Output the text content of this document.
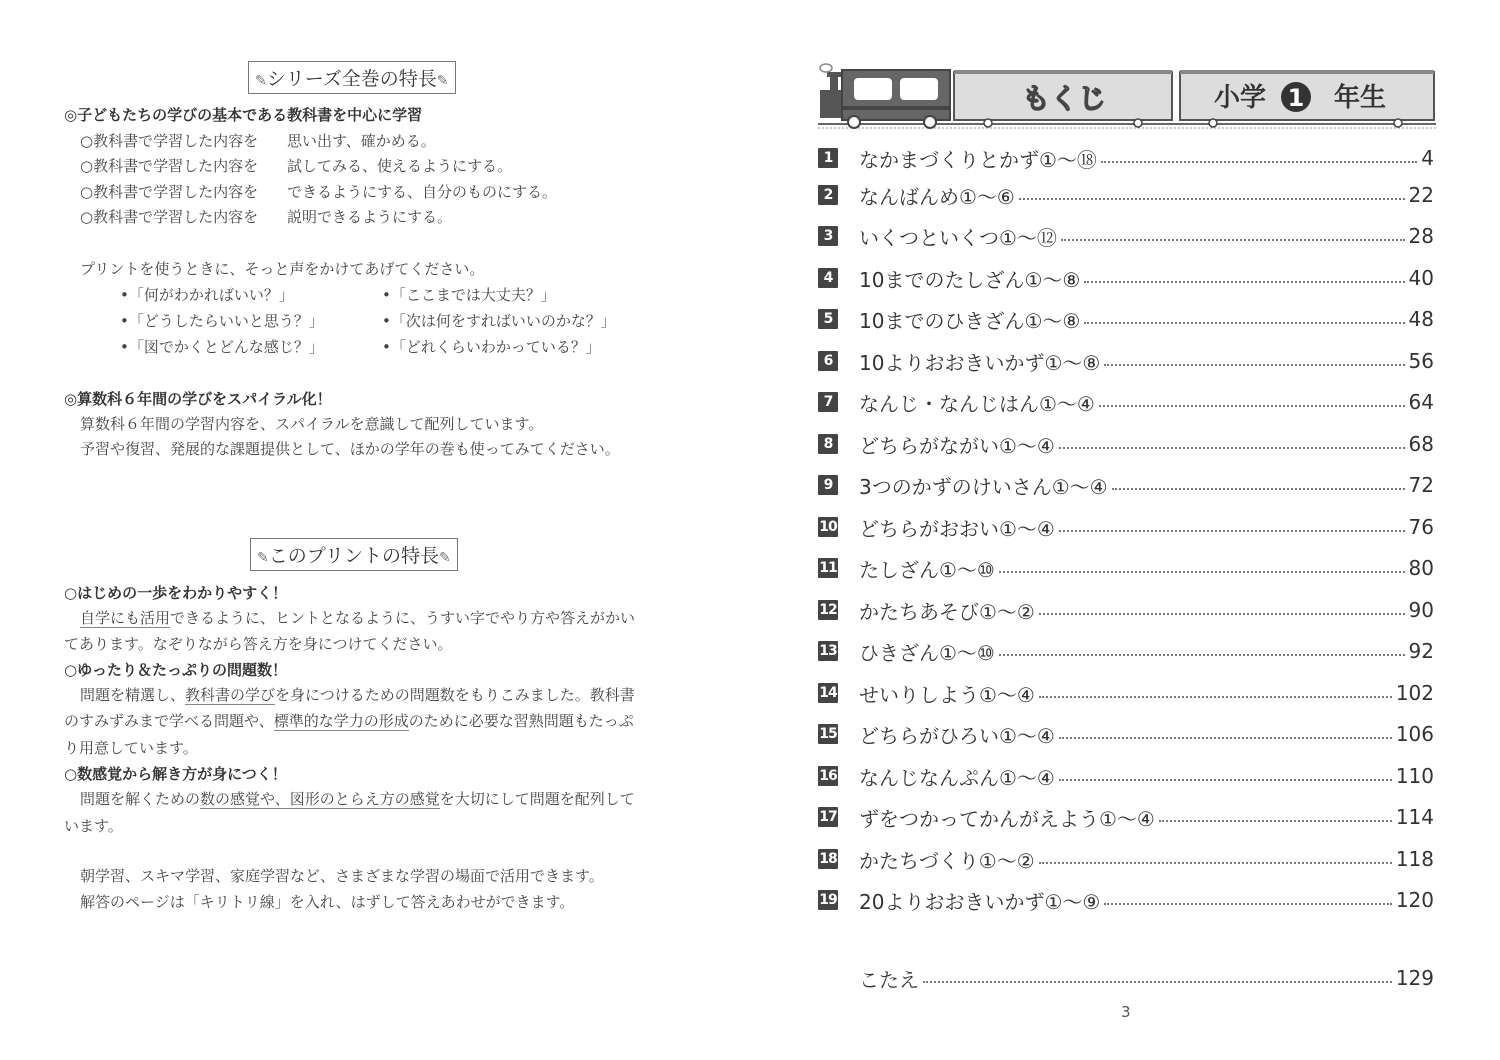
✎シリーズ全巻の特長✎
◎子どもたちの学びの基本である教科書を中心に学習
○教科書で学習した内容を 思い出す、確かめる。
○教科書で学習した内容を 試してみる、使えるようにする。
○教科書で学習した内容を できるようにする、自分のものにする。
○教科書で学習した内容を 説明できるようにする。
プリントを使うときに、そっと声をかけてあげてください。
•「何がわかればいい？」
•「どうしたらいいと思う？」
•「図でかくとどんな感じ？」
•「ここまでは大丈夫？」
•「次は何をすればいいのかな？」
•「どれくらいわかっている？」
◎算数科６年間の学びをスパイラル化！
算数科６年間の学習内容を、スパイラルを意識して配列しています。
予習や復習、発展的な課題提供として、ほかの学年の巻も使ってみてください。
✎このプリントの特長✎
○はじめの一歩をわかりやすく！
自学にも活用できるように、ヒントとなるように、うすい字でやり方や答えがかい
てあります。なぞりながら答え方を身につけてください。
○ゆったり＆たっぷりの問題数！
問題を精選し、教科書の学びを身につけるための問題数をもりこみました。教科書
のすみずみまで学べる問題や、標準的な学力の形成のために必要な習熟問題もたっぷ
り用意しています。
○数感覚から解き方が身につく！
問題を解くための数の感覚や、図形のとらえ方の感覚を大切にして問題を配列して
います。
朝学習、スキマ学習、家庭学習など、さまざまな学習の場面で活用できます。
解答のページは「キリトリ線」を入れ、はずして答えあわせができます。
もくじ	小学 1 年生
1 なかまづくりとかず①～⑱	4
2 なんばんめ①～⑥	22
3 いくつといくつ①～⑫	28
4 10までのたしざん①～⑧	40
5 10までのひきざん①～⑧	48
6 10よりおおきいかず①～⑧	56
7 なんじ・なんじはん①～④	64
8 どちらがながい①～④	68
9 3つのかずのけいさん①～④	72
10 どちらがおおい①～④	76
11 たしざん①～⑩	80
12 かたちあそび①～②	90
13 ひきざん①～⑩	92
14 せいりしよう①～④	102
15 どちらがひろい①～④	106
16 なんじなんぷん①～④	110
17 ずをつかってかんがえよう①～④	114
18 かたちづくり①～②	118
19 20よりおおきいかず①～⑨	120
こたえ	129
3
